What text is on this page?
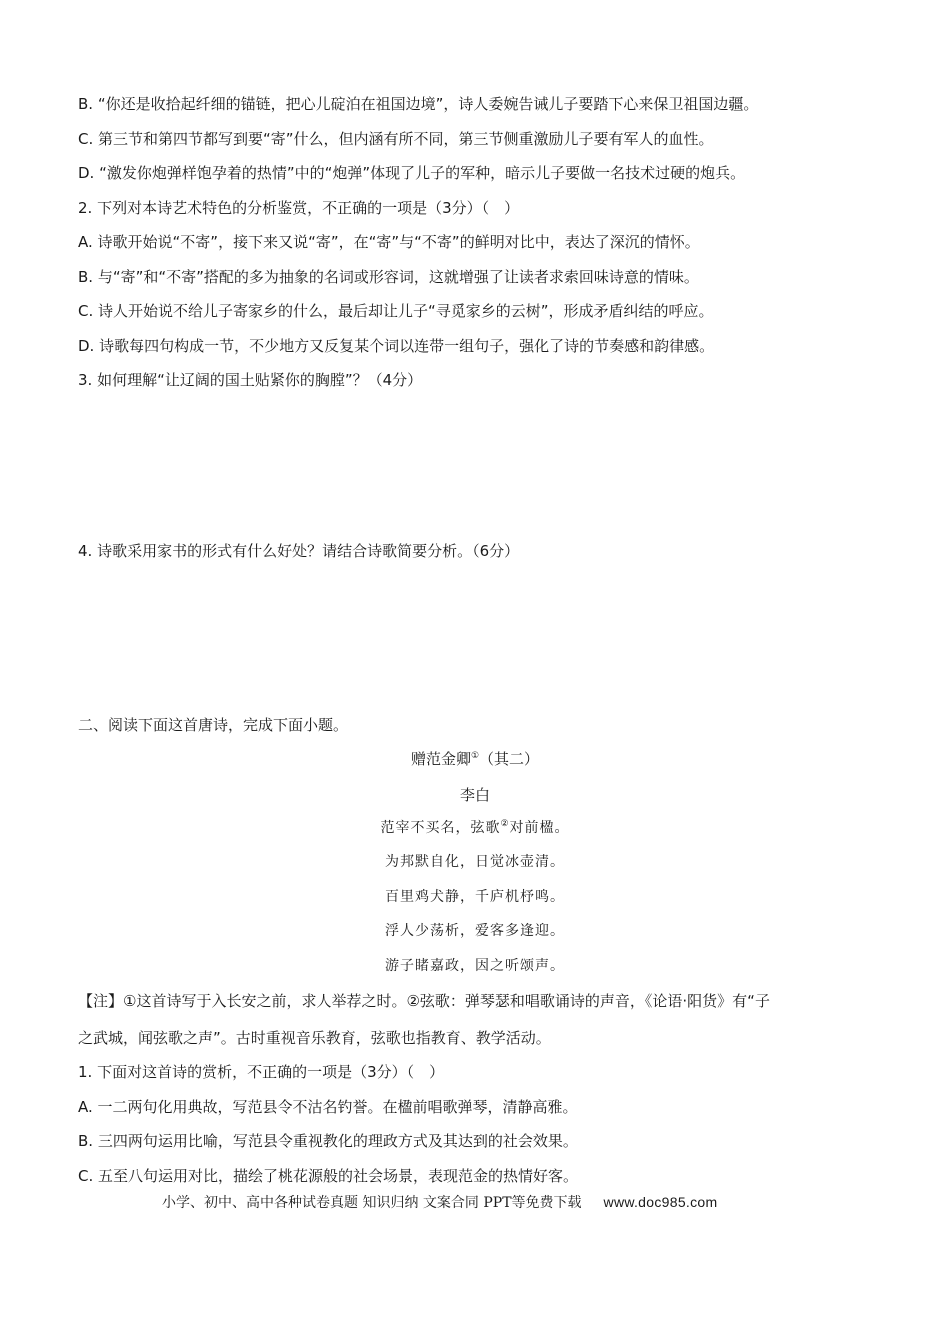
B. “你还是收拾起纤细的锚链，把心儿碇泊在祖国边境”，诗人委婉告诫儿子要踏下心来保卫祖国边疆。
C. 第三节和第四节都写到要“寄”什么，但内涵有所不同，第三节侧重激励儿子要有军人的血性。
D. “激发你炮弹样饱孕着的热情”中的“炮弹”体现了儿子的军种，暗示儿子要做一名技术过硬的炮兵。
2. 下列对本诗艺术特色的分析鉴赏，不正确的一项是（3分）（　）
A. 诗歌开始说“不寄”，接下来又说“寄”，在“寄”与“不寄”的鲜明对比中，表达了深沉的情怀。
B. 与“寄”和“不寄”搭配的多为抽象的名词或形容词，这就增强了让读者求索回味诗意的情味。
C. 诗人开始说不给儿子寄家乡的什么，最后却让儿子“寻觅家乡的云树”，形成矛盾纠结的呼应。
D. 诗歌每四句构成一节，不少地方又反复某个词以连带一组句子，强化了诗的节奏感和韵律感。
3. 如何理解“让辽阔的国土贴紧你的胸膛”？（4分）
4. 诗歌采用家书的形式有什么好处？请结合诗歌简要分析。（6分）
二、阅读下面这首唐诗，完成下面小题。
赠范金卿①（其二）
李白
范宰不买名，弦歌②对前楹。
为邦默自化，日觉冰壶清。
百里鸡犬静，千庐机杼鸣。
浮人少荡析，爱客多逢迎。
游子睹嘉政，因之听颂声。
【注】①这首诗写于入长安之前，求人举荐之时。②弦歌：弹琴瑟和唱歌诵诗的声音，《论语·阳货》有“子
之武城，闻弦歌之声”。古时重视音乐教育，弦歌也指教育、教学活动。
1. 下面对这首诗的赏析，不正确的一项是（3分）（　）
A. 一二两句化用典故，写范县令不沽名钓誉。在楹前唱歌弹琴，清静高雅。
B. 三四两句运用比喻，写范县令重视教化的理政方式及其达到的社会效果。
C. 五至八句运用对比，描绘了桃花源般的社会场景，表现范金的热情好客。
小学、初中、高中各种试卷真题 知识归纳 文案合同 PPT等免费下载 www.doc985.com
